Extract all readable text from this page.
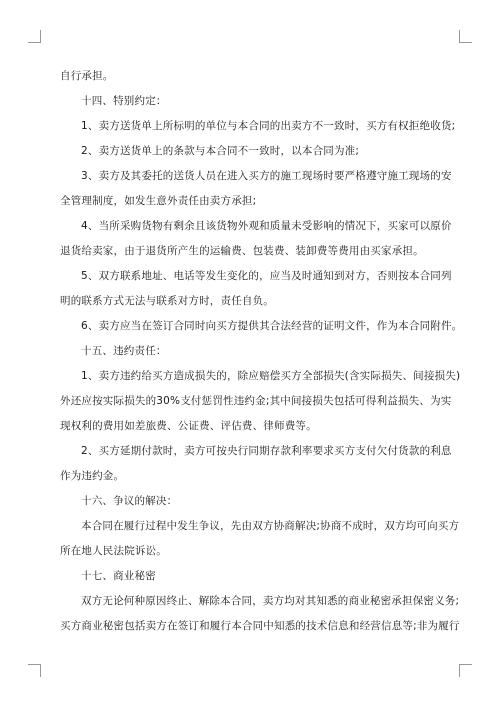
自行承担。

十四、特别约定：

1、卖方送货单上所标明的单位与本合同的出卖方不一致时，买方有权拒绝收货;

2、卖方送货单上的条款与本合同不一致时，以本合同为准;

3、卖方及其委托的送货人员在进入买方的施工现场时要严格遵守施工现场的安

全管理制度，如发生意外责任由卖方承担;

4、当所采购货物有剩余且该货物外观和质量未受影响的情况下，买家可以原价

退货给卖家，由于退货所产生的运输费、包装费、装卸费等费用由买家承担。

5、双方联系地址、电话等发生变化的，应当及时通知到对方，否则按本合同列

明的联系方式无法与联系对方时，责任自负。

6、卖方应当在签订合同时向买方提供其合法经营的证明文件，作为本合同附件。

十五、违约责任：

1、卖方违约给买方造成损失的，除应赔偿买方全部损失(含实际损失、间接损失)

外还应按实际损失的30%支付惩罚性违约金;其中间接损失包括可得利益损失、为实

现权利的费用如差旅费、公证费、评估费、律师费等。

2、买方延期付款时，卖方可按央行同期存款利率要求买方支付欠付货款的利息

作为违约金。

十六、争议的解决：

本合同在履行过程中发生争议，先由双方协商解决;协商不成时，双方均可向买方

所在地人民法院诉讼。

十七、商业秘密

双方无论何种原因终止、解除本合同，卖方均对其知悉的商业秘密承担保密义务;

买方商业秘密包括卖方在签订和履行本合同中知悉的技术信息和经营信息等;非为履行
